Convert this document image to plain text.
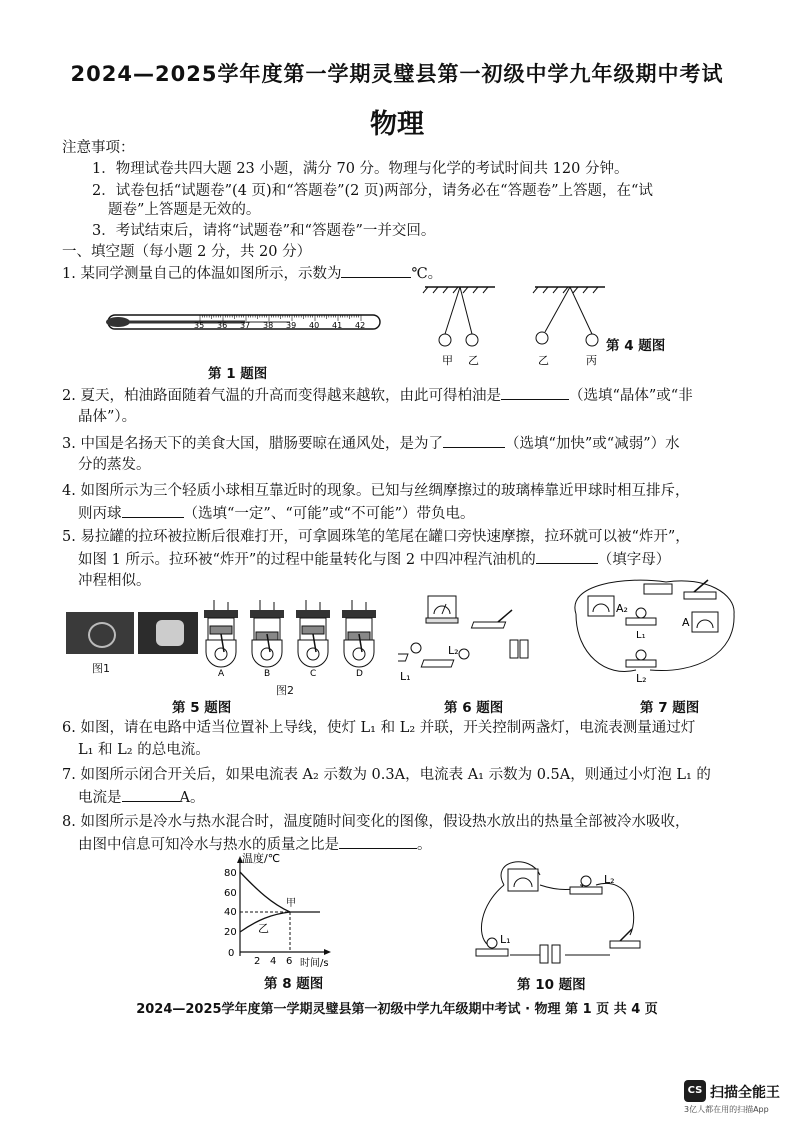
2024—2025学年度第一学期灵璧县第一初级中学九年级期中考试
物理
注意事项：
1．物理试卷共四大题 23 小题，满分 70 分。物理与化学的考试时间共 120 分钟。
2．试卷包括“试题卷”(4 页)和“答题卷”(2 页)两部分，请务必在“答题卷”上答题，在“试
题卷”上答题是无效的。
3．考试结束后，请将“试题卷”和“答题卷”一并交回。
一、填空题（每小题 2 分，共 20 分）
1. 某同学测量自己的体温如图所示，示数为	℃。
35 36 37 38 39 40 41 42
第 1 题图
甲 乙	乙	丙
第 4 题图
2. 夏天，柏油路面随着气温的升高而变得越来越软，由此可得柏油是	（选填“晶体”或“非
晶体”）。
3. 中国是名扬天下的美食大国，腊肠要晾在通风处，是为了	（选填“加快”或“减弱”）水
分的蒸发。
4. 如图所示为三个轻质小球相互靠近时的现象。已知与丝绸摩擦过的玻璃棒靠近甲球时相互排斥，
则丙球	（选填“一定”、“可能”或“不可能”）带负电。
5. 易拉罐的拉环被拉断后很难打开，可拿圆珠笔的笔尾在罐口旁快速摩擦，拉环就可以被“炸开”，
如图 1 所示。拉环被“炸开”的过程中能量转化与图 2 中四冲程汽油机的	（填字母）
冲程相似。
图1	A	B	C	D
图2
第 5 题图
L₁
L₂
第 6 题图
A₂
A
L₁
L₂
第 7 题图
6. 如图，请在电路中适当位置补上导线，使灯 L₁ 和 L₂ 并联，开关控制两盏灯，电流表测量通过灯
L₁ 和 L₂ 的总电流。
7. 如图所示闭合开关后，如果电流表 A₂ 示数为 0.3A，电流表 A₁ 示数为 0.5A，则通过小灯泡 L₁ 的
电流是	A。
8. 如图所示是冷水与热水混合时，温度随时间变化的图像，假设热水放出的热量全部被冷水吸收，
由图中信息可知冷水与热水的质量之比是	。
温度/℃
80
60
40
20
0
2 4 6 时间/s
甲
乙
第 8 题图
L₂
L₁
第 10 题图
2024—2025学年度第一学期灵璧县第一初级中学九年级期中考试 · 物理 第 1 页 共 4 页
CS 扫描全能王
3亿人都在用的扫描App
